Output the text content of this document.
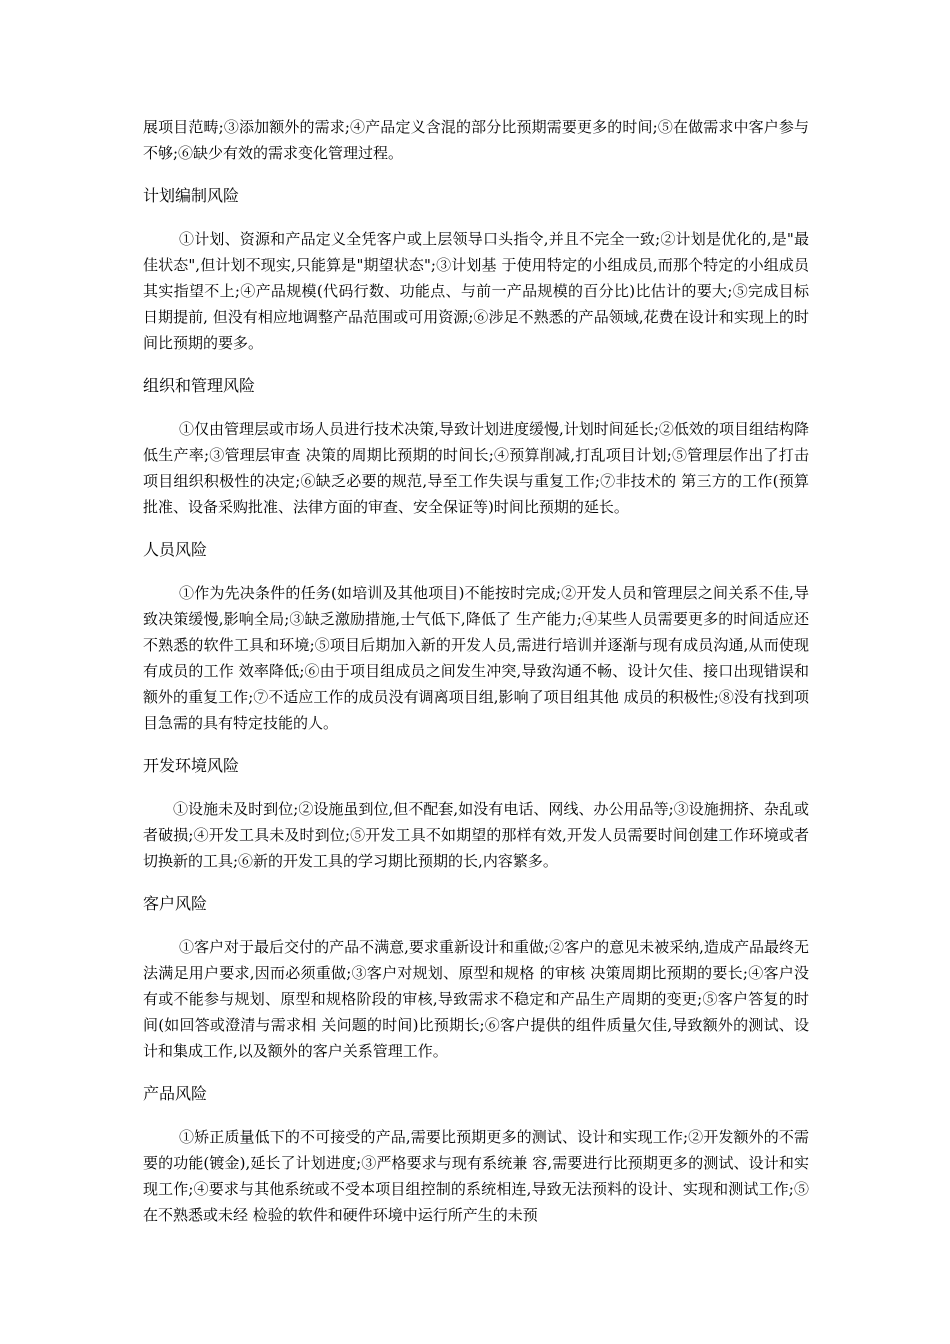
展项目范畴;③添加额外的需求;④产品定义含混的部分比预期需要更多的时间;⑤在做需求中客户参与不够;⑥缺少有效的需求变化管理过程。

计划编制风险

①计划、资源和产品定义全凭客户或上层领导口头指令,并且不完全一致;②计划是优化的,是"最佳状态",但计划不现实,只能算是"期望状态";③计划基 于使用特定的小组成员,而那个特定的小组成员其实指望不上;④产品规模(代码行数、功能点、与前一产品规模的百分比)比估计的要大;⑤完成目标日期提前, 但没有相应地调整产品范围或可用资源;⑥涉足不熟悉的产品领域,花费在设计和实现上的时间比预期的要多。

组织和管理风险

①仅由管理层或市场人员进行技术决策,导致计划进度缓慢,计划时间延长;②低效的项目组结构降低生产率;③管理层审查 决策的周期比预期的时间长;④预算削减,打乱项目计划;⑤管理层作出了打击项目组织积极性的决定;⑥缺乏必要的规范,导至工作失误与重复工作;⑦非技术的 第三方的工作(预算批准、设备采购批准、法律方面的审查、安全保证等)时间比预期的延长。

人员风险

①作为先决条件的任务(如培训及其他项目)不能按时完成;②开发人员和管理层之间关系不佳,导致决策缓慢,影响全局;③缺乏激励措施,士气低下,降低了 生产能力;④某些人员需要更多的时间适应还不熟悉的软件工具和环境;⑤项目后期加入新的开发人员,需进行培训并逐渐与现有成员沟通,从而使现有成员的工作 效率降低;⑥由于项目组成员之间发生冲突,导致沟通不畅、设计欠佳、接口出现错误和额外的重复工作;⑦不适应工作的成员没有调离项目组,影响了项目组其他 成员的积极性;⑧没有找到项目急需的具有特定技能的人。

开发环境风险

①设施未及时到位;②设施虽到位,但不配套,如没有电话、网线、办公用品等;③设施拥挤、杂乱或者破损;④开发工具未及时到位;⑤开发工具不如期望的那样有效,开发人员需要时间创建工作环境或者切换新的工具;⑥新的开发工具的学习期比预期的长,内容繁多。

客户风险

①客户对于最后交付的产品不满意,要求重新设计和重做;②客户的意见未被采纳,造成产品最终无法满足用户要求,因而必须重做;③客户对规划、原型和规格 的审核 决策周期比预期的要长;④客户没有或不能参与规划、原型和规格阶段的审核,导致需求不稳定和产品生产周期的变更;⑤客户答复的时间(如回答或澄清与需求相 关问题的时间)比预期长;⑥客户提供的组件质量欠佳,导致额外的测试、设计和集成工作,以及额外的客户关系管理工作。

产品风险

①矫正质量低下的不可接受的产品,需要比预期更多的测试、设计和实现工作;②开发额外的不需要的功能(镀金),延长了计划进度;③严格要求与现有系统兼 容,需要进行比预期更多的测试、设计和实现工作;④要求与其他系统或不受本项目组控制的系统相连,导致无法预料的设计、实现和测试工作;⑤在不熟悉或未经 检验的软件和硬件环境中运行所产生的未预
